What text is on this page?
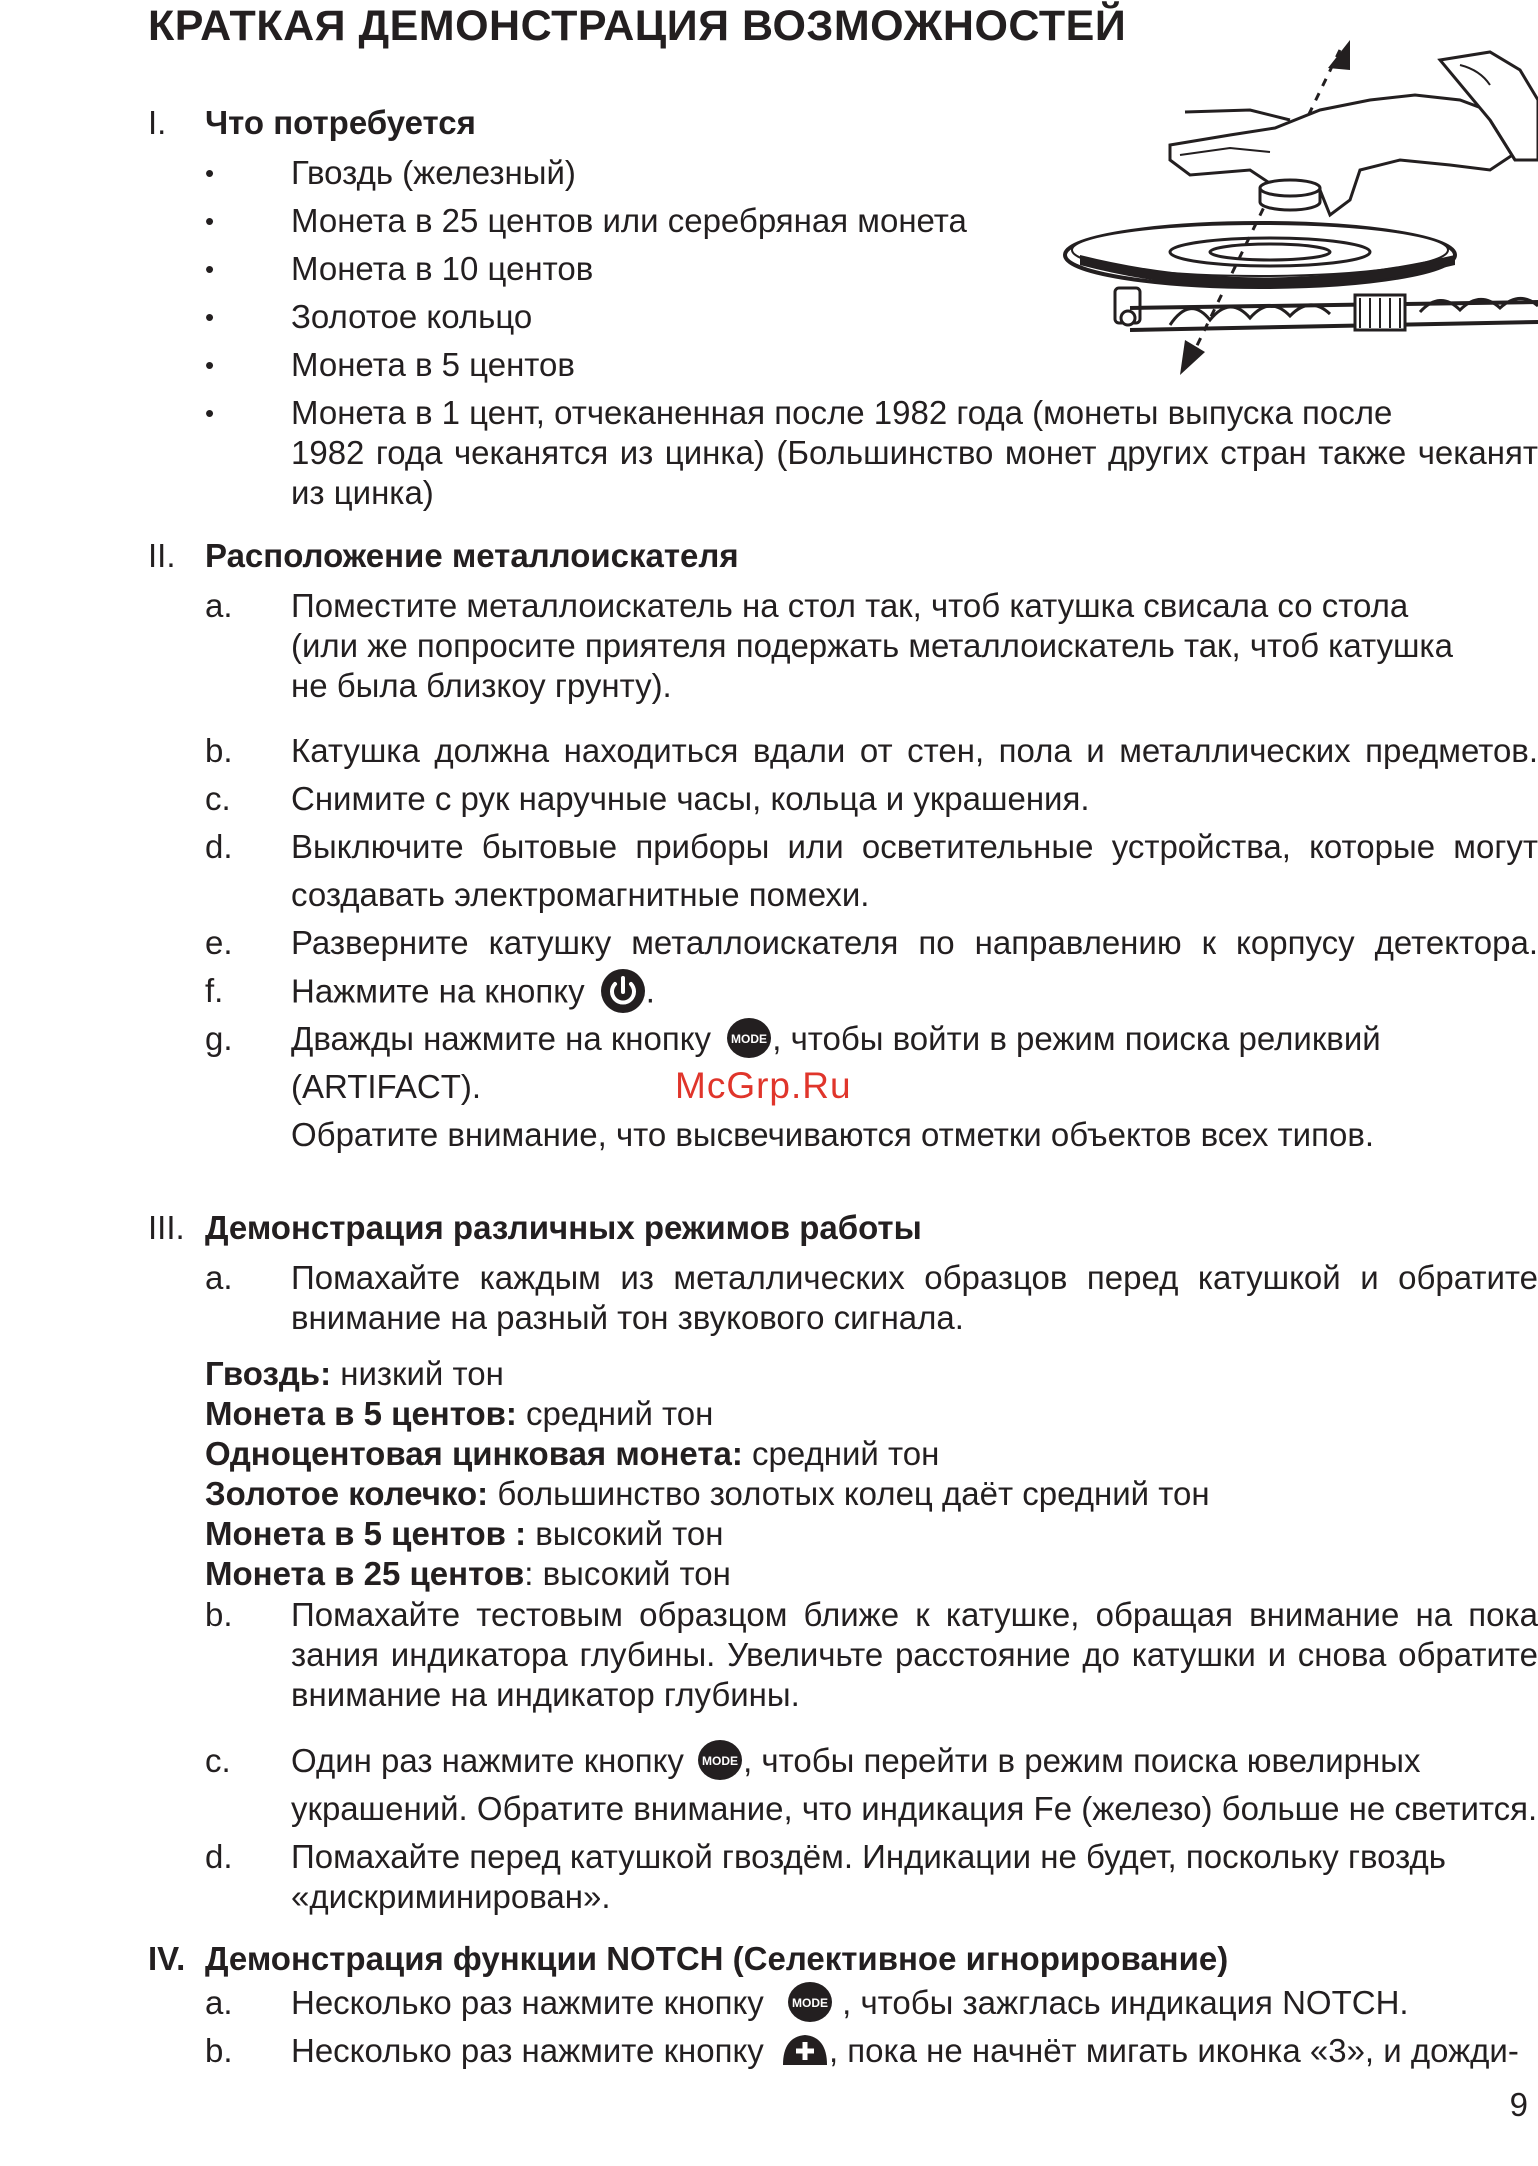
КРАТКАЯ ДЕМОНСТРАЦИЯ ВОЗМОЖНОСТЕЙ
I.	Что потребуется
• Гвоздь (железный)
• Монета в 25 центов или серебряная монета
• Монета в 10 центов
• Золотое кольцо
• Монета в 5 центов
• Монета в 1 цент, отчеканенная после 1982 года (монеты выпуска после
1982 года чеканятся из цинка) (Большинство монет других стран также чеканят
из цинка)
II. Расположение металлоискателя
a. Поместите металлоискатель на стол так, чтоб катушка свисала со стола
(или же попросите приятеля подержать металлоискатель так, чтоб катушка
не была близкоу грунту).
b. Катушка должна находиться вдали от стен, пола и металлических предметов.
c. Снимите с рук наручные часы, кольца и украшения.
d. Выключите бытовые приборы или осветительные устройства, которые могут
создавать электромагнитные помехи.
e. Разверните катушку металлоискателя по направлению к корпусу детектора.
f. Нажмите на кнопку .
g. Дважды нажмите на кнопку MODE , чтобы войти в режим поиска реликвий
(ARTIFACT).
Обратите внимание, что высвечиваются отметки объектов всех типов.
McGrp.Ru
III. Демонстрация различных режимов работы
a. Помахайте каждым из металлических образцов перед катушкой и обратите
внимание на разный тон звукового сигнала.
Гвоздь: низкий тон
Монета в 5 центов: средний тон
Одноцентовая цинковая монета: средний тон
Золотое колечко: большинство золотых колец даёт средний тон
Монета в 5 центов : высокий тон
Монета в 25 центов: высокий тон
b. Помахайте тестовым образцом ближе к катушке, обращая внимание на пока
зания индикатора глубины. Увеличьте расстояние до катушки и снова обратите
внимание на индикатор глубины.
c. Один раз нажмите кнопку MODE , чтобы перейти в режим поиска ювелирных
украшений. Обратите внимание, что индикация Fe (железо) больше не светится.
d. Помахайте перед катушкой гвоздём. Индикации не будет, поскольку гвоздь
«дискриминирован».
IV. Демонстрация функции NOTCH (Селективное игнорирование)
a. Несколько раз нажмите кнопку MODE , чтобы зажглась индикация NOTCH.
b. Несколько раз нажмите кнопку , пока не начнёт мигать иконка «3», и дожди-
9
